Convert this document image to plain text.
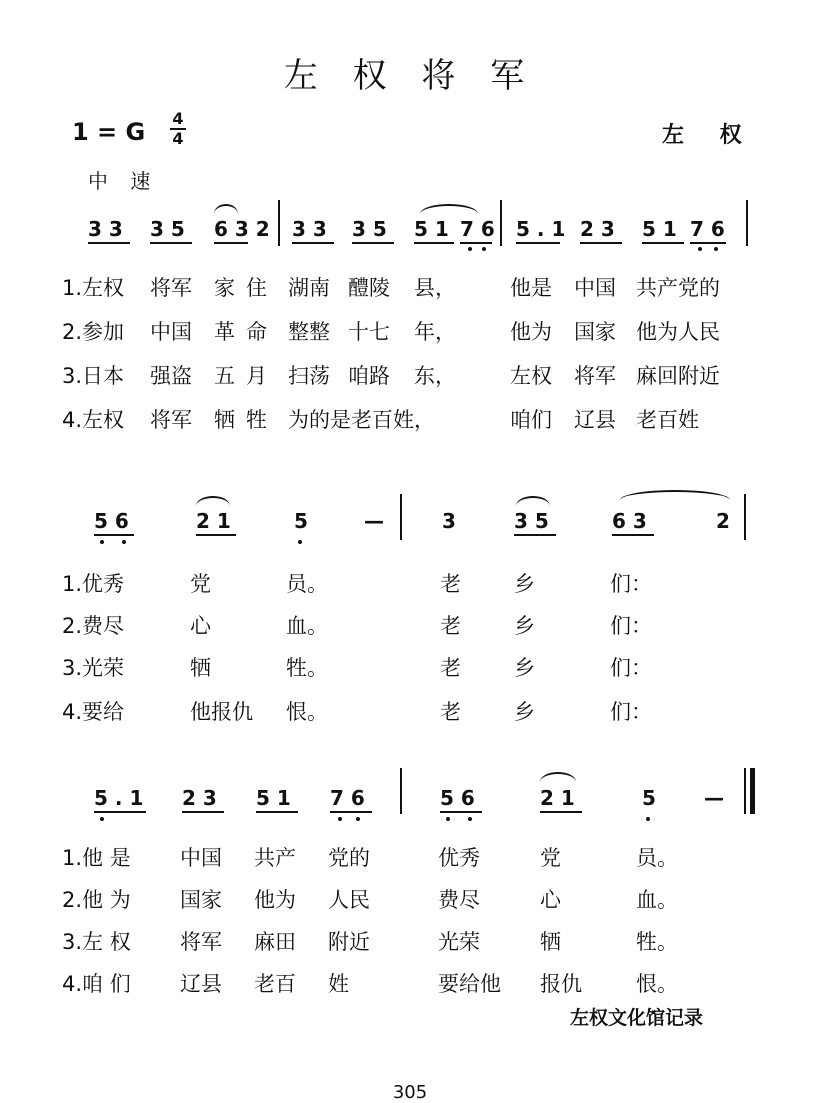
左 权 将 军
1 = G 4
4	左 权
中 速
3 3 3 5 6 3 2 3 3 3 5 5 1 7 6 5 . 1 2 3 5 1 7 6
1.左权 将军 家 住 湖南 醴陵 县，	他是 中国 共产党的
2.参加 中国 革 命 整整 十七 年，	他为 国家 他为人民
3.日本 强盗 五 月 扫荡 咱路 东，	左权 将军 麻回附近
4.左权 将军 牺 牲 为的是老百姓，	咱们 辽县 老百姓
5 6	2 1	5	—	3	3 5	6 3	2
1.优秀	党	员。	老	乡	们：
2.费尽	心	血。	老	乡	们：
3.光荣	牺	牲。	老	乡	们：
4.要给	他报仇 恨。	老	乡	们：
5 . 1 2 3 5 1 7 6	5 6	2 1	5 —
1.他 是 中国 共产 党的	优秀	党	员。
2.他 为 国家 他为 人民	费尽	心	血。
3.左 权 将军 麻田 附近	光荣	牺	牲。
4.咱 们 辽县 老百 姓	要给他 报仇	恨。
左权文化馆记录
305
